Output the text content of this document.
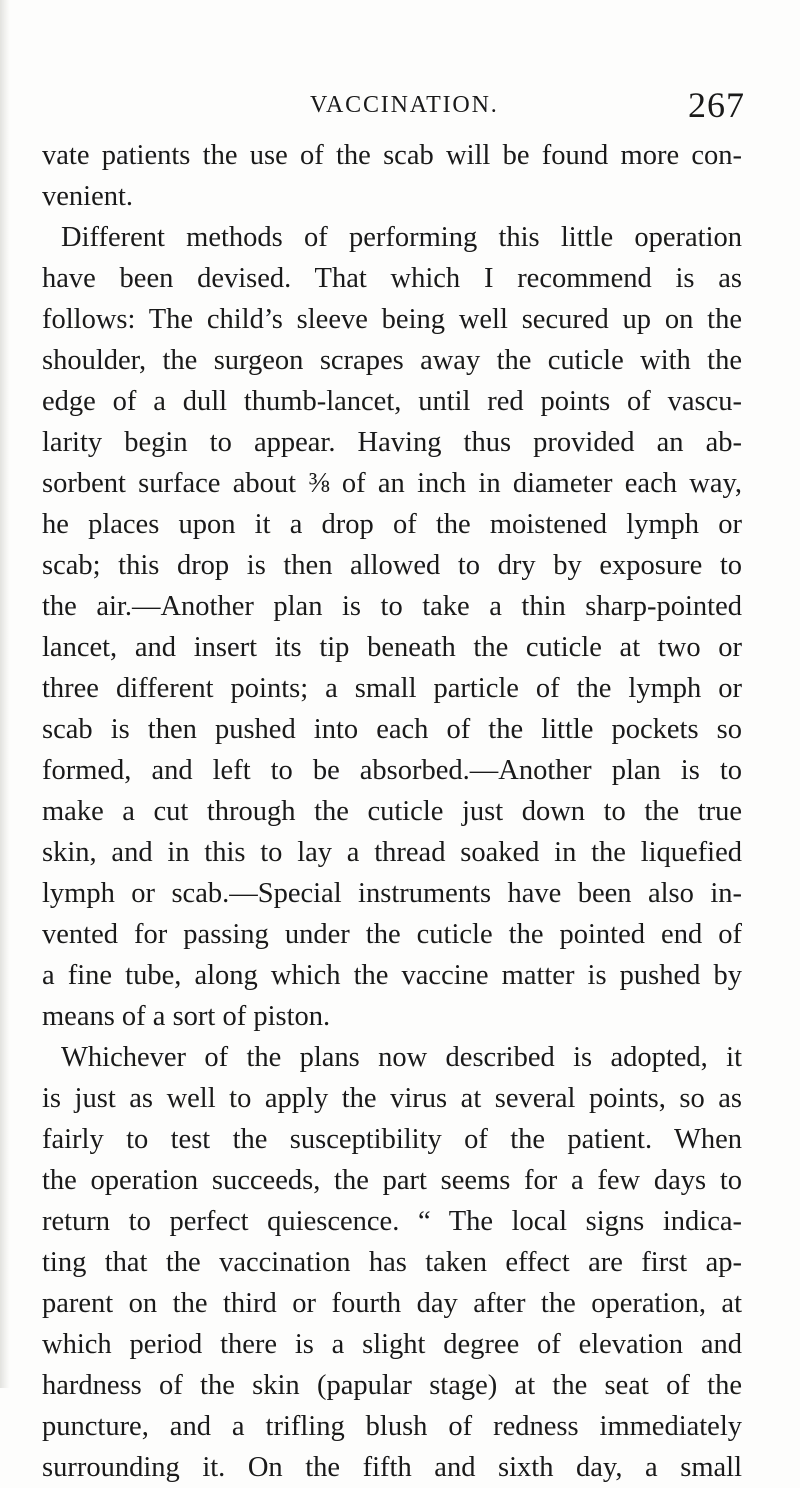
VACCINATION.	267
vate patients the use of the scab will be found more con-
venient.
Different methods of performing this little operation
have been devised. That which I recommend is as
follows: The child’s sleeve being well secured up on the
shoulder, the surgeon scrapes away the cuticle with the
edge of a dull thumb-lancet, until red points of vascu-
larity begin to appear. Having thus provided an ab-
sorbent surface about ⅜ of an inch in diameter each way,
he places upon it a drop of the moistened lymph or
scab; this drop is then allowed to dry by exposure to
the air.—Another plan is to take a thin sharp-pointed
lancet, and insert its tip beneath the cuticle at two or
three different points; a small particle of the lymph or
scab is then pushed into each of the little pockets so
formed, and left to be absorbed.—Another plan is to
make a cut through the cuticle just down to the true
skin, and in this to lay a thread soaked in the liquefied
lymph or scab.—Special instruments have been also in-
vented for passing under the cuticle the pointed end of
a fine tube, along which the vaccine matter is pushed by
means of a sort of piston.
Whichever of the plans now described is adopted, it
is just as well to apply the virus at several points, so as
fairly to test the susceptibility of the patient. When
the operation succeeds, the part seems for a few days to
return to perfect quiescence. “ The local signs indica-
ting that the vaccination has taken effect are first ap-
parent on the third or fourth day after the operation, at
which period there is a slight degree of elevation and
hardness of the skin (papular stage) at the seat of the
puncture, and a trifling blush of redness immediately
surrounding it. On the fifth and sixth day, a small
